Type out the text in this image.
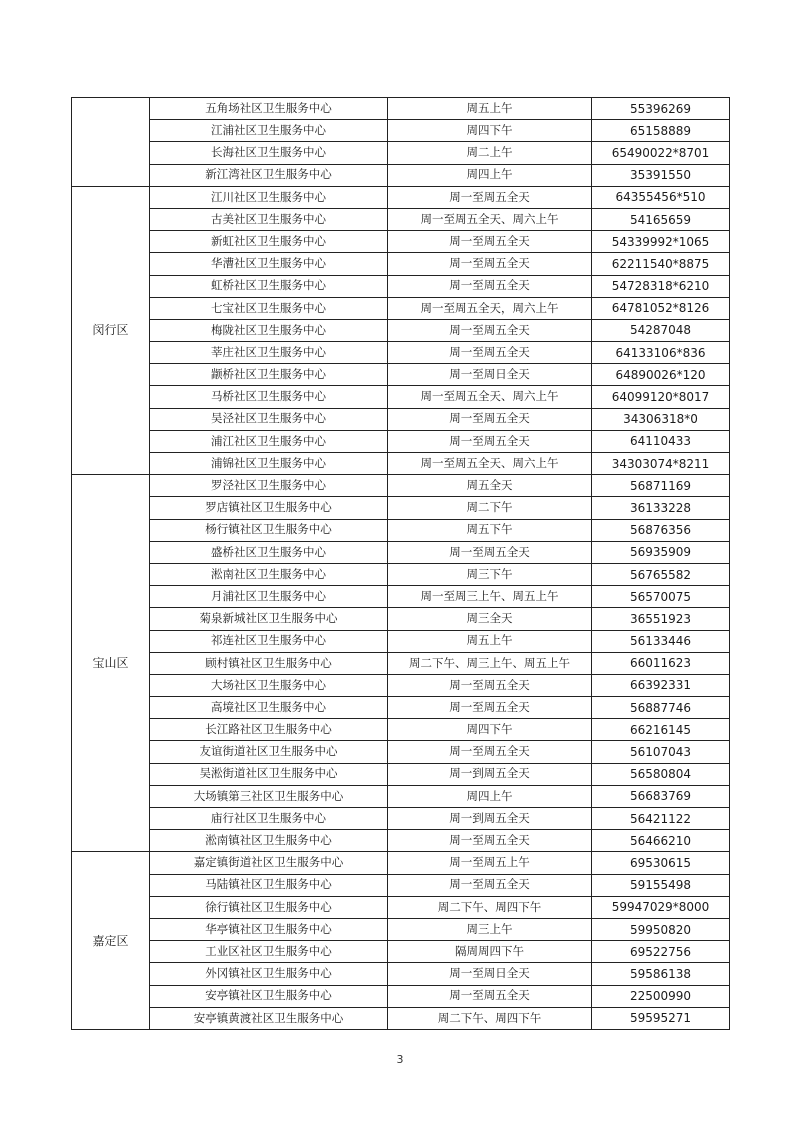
	五角场社区卫生服务中心	周五上午	55396269
	江浦社区卫生服务中心	周四下午	65158889
	长海社区卫生服务中心	周二上午	65490022*8701
	新江湾社区卫生服务中心	周四上午	35391550
闵行区	江川社区卫生服务中心	周一至周五全天	64355456*510
	古美社区卫生服务中心	周一至周五全天、周六上午	54165659
	新虹社区卫生服务中心	周一至周五全天	54339992*1065
	华漕社区卫生服务中心	周一至周五全天	62211540*8875
	虹桥社区卫生服务中心	周一至周五全天	54728318*6210
	七宝社区卫生服务中心	周一至周五全天，周六上午	64781052*8126
	梅陇社区卫生服务中心	周一至周五全天	54287048
	莘庄社区卫生服务中心	周一至周五全天	64133106*836
	颛桥社区卫生服务中心	周一至周日全天	64890026*120
	马桥社区卫生服务中心	周一至周五全天、周六上午	64099120*8017
	吴泾社区卫生服务中心	周一至周五全天	34306318*0
	浦江社区卫生服务中心	周一至周五全天	64110433
	浦锦社区卫生服务中心	周一至周五全天、周六上午	34303074*8211
宝山区	罗泾社区卫生服务中心	周五全天	56871169
	罗店镇社区卫生服务中心	周二下午	36133228
	杨行镇社区卫生服务中心	周五下午	56876356
	盛桥社区卫生服务中心	周一至周五全天	56935909
	淞南社区卫生服务中心	周三下午	56765582
	月浦社区卫生服务中心	周一至周三上午、周五上午	56570075
	菊泉新城社区卫生服务中心	周三全天	36551923
	祁连社区卫生服务中心	周五上午	56133446
	顾村镇社区卫生服务中心	周二下午、周三上午、周五上午	66011623
	大场社区卫生服务中心	周一至周五全天	66392331
	高境社区卫生服务中心	周一至周五全天	56887746
	长江路社区卫生服务中心	周四下午	66216145
	友谊街道社区卫生服务中心	周一至周五全天	56107043
	吴淞街道社区卫生服务中心	周一到周五全天	56580804
	大场镇第三社区卫生服务中心	周四上午	56683769
	庙行社区卫生服务中心	周一到周五全天	56421122
	淞南镇社区卫生服务中心	周一至周五全天	56466210
嘉定区	嘉定镇街道社区卫生服务中心	周一至周五上午	69530615
	马陆镇社区卫生服务中心	周一至周五全天	59155498
	徐行镇社区卫生服务中心	周二下午、周四下午	59947029*8000
	华亭镇社区卫生服务中心	周三上午	59950820
	工业区社区卫生服务中心	隔周周四下午	69522756
	外冈镇社区卫生服务中心	周一至周日全天	59586138
	安亭镇社区卫生服务中心	周一至周五全天	22500990
	安亭镇黄渡社区卫生服务中心	周二下午、周四下午	59595271
3
